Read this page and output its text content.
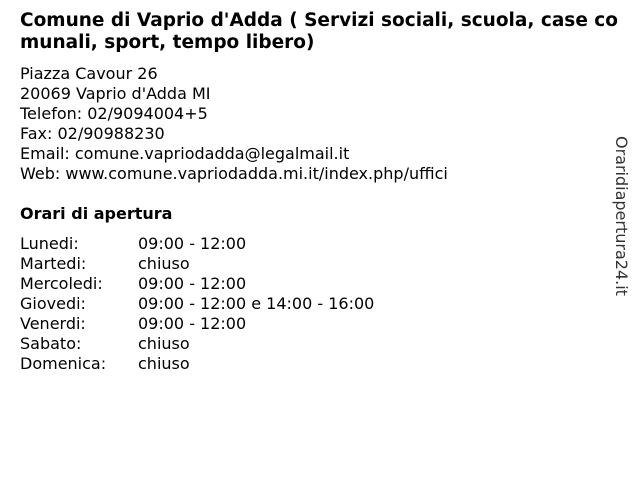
Comune di Vaprio d'Adda ( Servizi sociali, scuola, case comunali, sport, tempo libero)
Piazza Cavour 26
20069 Vaprio d'Adda MI
Telefon: 02/9094004+5
Fax: 02/90988230
Email: comune.vapriodadda@legalmail.it
Web: www.comune.vapriodadda.mi.it/index.php/uffici
Orari di apertura
Lunedi:	09:00 - 12:00
Martedi:	chiuso
Mercoledi: 09:00 - 12:00
Giovedi:	09:00 - 12:00 e 14:00 - 16:00
Venerdi:	09:00 - 12:00
Sabato:	chiuso
Domenica: chiuso
Oraridiapertura24.it
